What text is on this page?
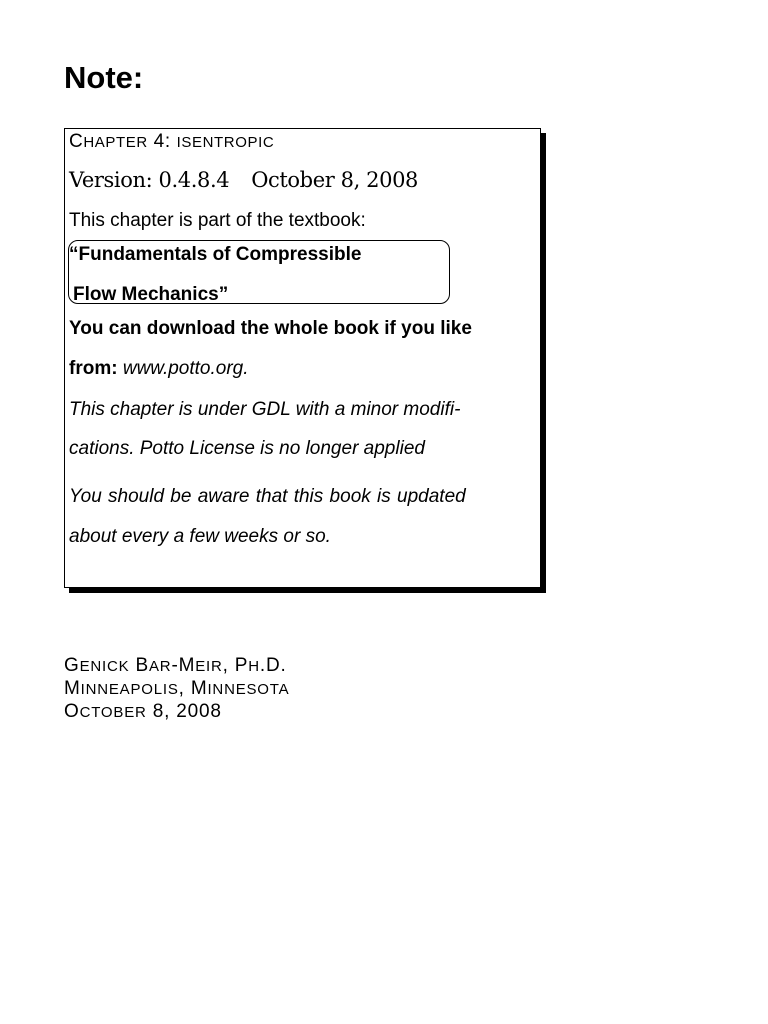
Note:

CHAPTER 4: ISENTROPIC

Version: 0.4.8.4 October 8, 2008

This chapter is part of the textbook:

“Fundamentals of Compressible

Flow Mechanics”

You can download the whole book if you like

from: www.potto.org.

This chapter is under GDL with a minor modifi-

cations. Potto License is no longer applied

You should be aware that this book is updated

about every a few weeks or so.

GENICK BAR-MEIR, PH.D.
MINNEAPOLIS, MINNESOTA
OCTOBER 8, 2008
